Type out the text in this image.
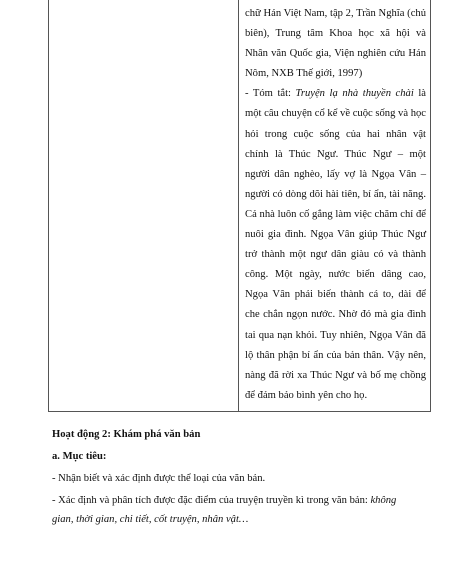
chữ Hán Việt Nam, tập 2, Trần Nghĩa (chủ biên), Trung tâm Khoa học xã hội và Nhân văn Quốc gia, Viện nghiên cứu Hán Nôm, NXB Thế giới, 1997)

- Tóm tắt: Truyện lạ nhà thuyền chài là một câu chuyện cổ kể về cuộc sống và học hỏi trong cuộc sống của hai nhân vật chính là Thúc Ngư. Thúc Ngư – một người dân nghèo, lấy vợ là Ngọa Vân – người có dòng dõi hài tiên, bí ẩn, tài năng. Cả nhà luôn cố gắng làm việc chăm chỉ để nuôi gia đình. Ngọa Vân giúp Thúc Ngư trở thành một ngư dân giàu có và thành công. Một ngày, nước biển dâng cao, Ngọa Vân phải biến thành cá to, dài để che chắn ngọn nước. Nhờ đó mà gia đình tai qua nạn khỏi. Tuy nhiên, Ngọa Vân đã lộ thân phận bí ẩn của bản thân. Vậy nên, nàng đã rời xa Thúc Ngư và bố mẹ chồng để đảm bảo bình yên cho họ.

Hoạt động 2: Khám phá văn bản

a. Mục tiêu:

- Nhận biết và xác định được thể loại của văn bản.

- Xác định và phân tích được đặc điểm của truyện truyền kì trong văn bản: không gian, thời gian, chi tiết, cốt truyện, nhân vật…
